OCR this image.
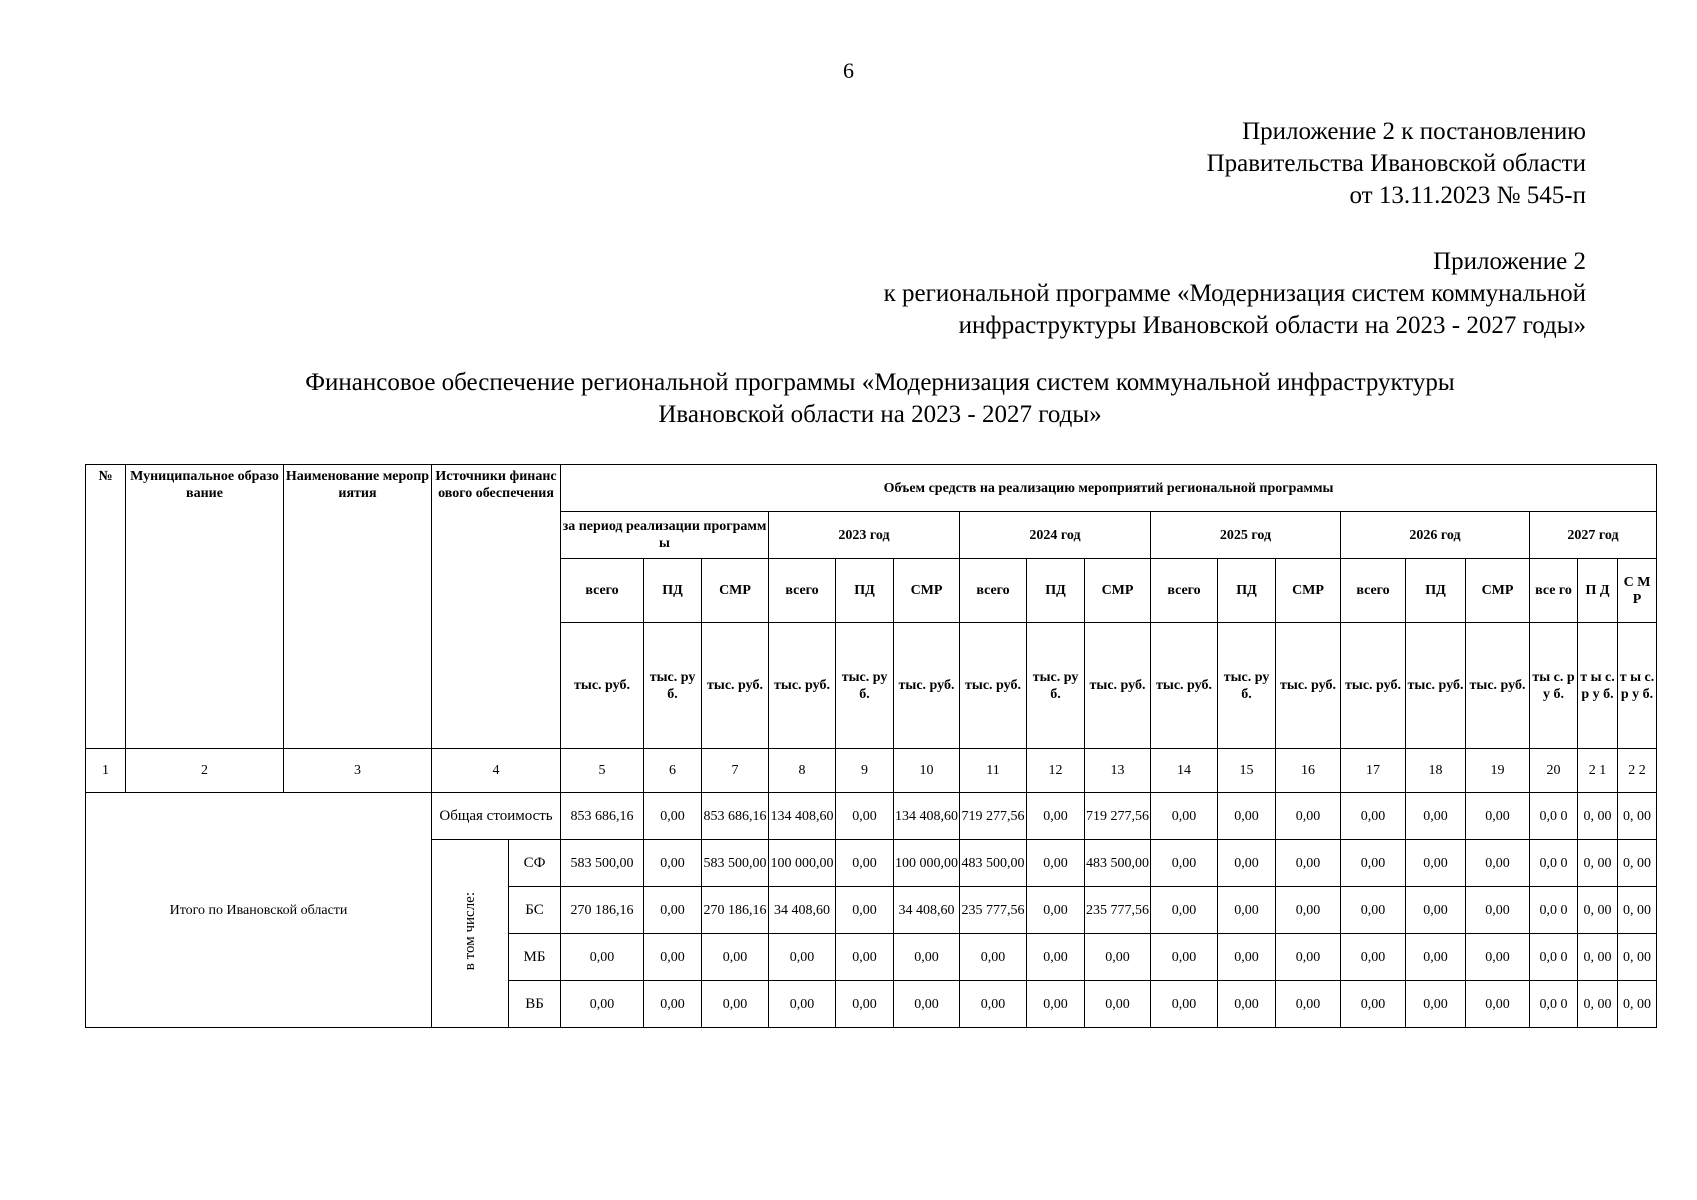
6
Приложение 2 к постановлению
Правительства Ивановской области
от 13.11.2023 № 545-п
Приложение 2
к региональной программе «Модернизация систем коммунальной
инфраструктуры Ивановской области на 2023 - 2027 годы»
Финансовое обеспечение региональной программы «Модернизация систем коммунальной инфраструктуры
Ивановской области на 2023 - 2027 годы»
№	Муниципальное образование	Наименование мероприятия	Источники финансового обеспечения		Объем средств на реализацию мероприятий региональной программы																	
					за период реализации программы			2023 год			2024 год			2025 год			2026 год			2027 год		
					всего	ПД	СМР	всего	ПД	СМР	всего	ПД	СМР	всего	ПД	СМР	всего	ПД	СМР	все го	П Д	С М Р
					тыс. руб.	тыс. руб.	тыс. руб.	тыс. руб.	тыс. руб.	тыс. руб.	тыс. руб.	тыс. руб.	тыс. руб.	тыс. руб.	тыс. руб.	тыс. руб.	тыс. руб.	тыс. руб.	тыс. руб.	ты с. ру б.	т ы с. р у б.	т ы с. р у б.
1	2	3	4		5	6	7	8	9	10	11	12	13	14	15	16	17	18	19	20	2 1	2 2
Итого по Ивановской области			Общая стоимость		853 686,16	0,00	853 686,16	134 408,60	0,00	134 408,60	719 277,56	0,00	719 277,56	0,00	0,00	0,00	0,00	0,00	0,00	0,0 0	0, 00	0, 00
			в том числе:	СФ	583 500,00	0,00	583 500,00	100 000,00	0,00	100 000,00	483 500,00	0,00	483 500,00	0,00	0,00	0,00	0,00	0,00	0,00	0,0 0	0, 00	0, 00
				БС	270 186,16	0,00	270 186,16	34 408,60	0,00	34 408,60	235 777,56	0,00	235 777,56	0,00	0,00	0,00	0,00	0,00	0,00	0,0 0	0, 00	0, 00
				МБ	0,00	0,00	0,00	0,00	0,00	0,00	0,00	0,00	0,00	0,00	0,00	0,00	0,00	0,00	0,00	0,0 0	0, 00	0, 00
				ВБ	0,00	0,00	0,00	0,00	0,00	0,00	0,00	0,00	0,00	0,00	0,00	0,00	0,00	0,00	0,00	0,0 0	0, 00	0, 00
